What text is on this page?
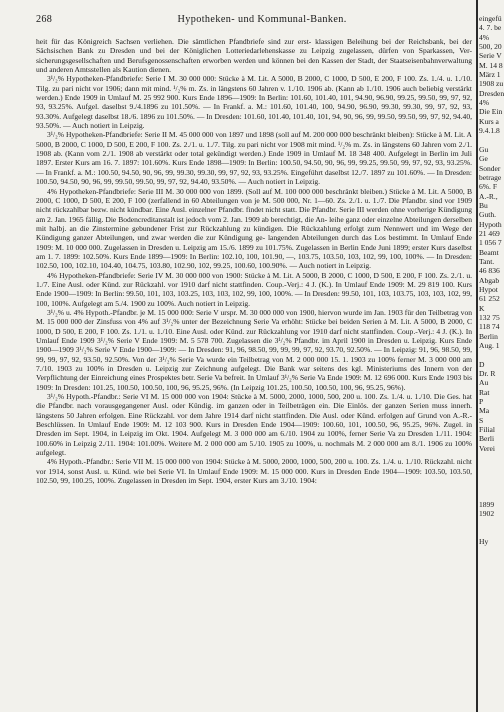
268	Hypotheken- und Kommunal-Banken.

heit für das Königreich Sachsen verliehen. Die sämtlichen Pfandbriefe sind zur erst- klassigen Beleihung bei der Reichsbank, bei der Sächsischen Bank zu Dresden und bei der Königlichen Lotteriedarlehenskasse zu Leipzig zugelassen, dürfen von Sparkassen, Ver- sicherungsgesellschaften und Berufsgenossenschaften erworben werden und können bei den Kassen der Stadt, der Staatseisenbahnverwaltung und anderen Amtsstellen als Kaution dienen.

3¹/₂% Hypotheken-Pfandbriefe: Serie I M. 30 000 000: Stücke à M. Lit. A 5000, B 2000, C 1000, D 500, E 200, F 100. Zs. 1./4. u. 1./10. Tilg. zu pari nicht vor 1906; dann mit mind. ¹/₂% m. Zs. in längstens 60 Jahren v. 1./10. 1906 ab. (Kann ab 1./10. 1906 auch beliebig verstärkt werden.) Ende 1909 in Umlauf M. 25 992 900. Kurs Ende 1896—1909: In Berlin: 101.60, 101.40, 101, 94.90, 96.90, 99.25, 99.50, 99, 97, 92, 93, 93.25%. Aufgel. daselbst 9./4.1896 zu 101.50%. — In Frankf. a. M.: 101.60, 101.40, 100, 94.90, 96.90, 99.30, 99.30, 99, 97, 92, 93, 93.30%. Aufgelegt daselbst 18./6. 1896 zu 101.50%. — In Dresden: 101.60, 101.40, 101.40, 101, 94, 90, 96, 99, 99.50, 99.50, 99, 97, 92, 94.40, 93.50%. — Auch notiert in Leipzig.

3¹/₂% Hypotheken-Pfandbriefe: Serie II M. 45 000 000 von 1897 und 1898 (soll auf M. 200 000 000 beschränkt bleiben): Stücke à M. Lit. A 5000, B 2000, C 1000, D 500, E 200, F 100. Zs. 2./1. u. 1./7. Tilg. zu pari nicht vor 1908 mit mind. ¹/₂% m. Zs. in längstens 60 Jahren vom 2./1. 1908 ab. (Kann vom 2./1. 1908 ab verstärkt oder total gekündigt werden.) Ende 1909 in Umlauf M. 18 348 400. Aufgelegt in Berlin im Juli 1897. Erster Kurs am 16. 7. 1897: 101.60%. Kurs Ende 1898—1909: In Berlin: 100.50, 94.50, 90, 96, 99, 99.25, 99.50, 99, 97, 92, 93, 93.25%. — In Frankf. a. M.: 100.50, 94.50, 90, 96, 99, 99.30, 99.30, 99, 97, 92, 93, 93.25%. Eingeführt daselbst 12./7. 1897 zu 101.60%. — In Dresden: 100.50, 94.50, 90, 96, 99, 99.50, 99.50, 99, 97, 92, 94.40, 93.50%. — Auch notiert in Leipzig.

4% Hypotheken-Pfandbriefe: Serie III M. 30 000 000 von 1899. (Soll auf M. 100 000 000 beschränkt bleiben.) Stücke à M. Lit. A 5000, B 2000, C 1000, D 500, E 200, F 100 (zerfallend in 60 Abteilungen von je M. 500 000, Nr. 1—60. Zs. 2./1. u. 1./7. Die Pfandbr. sind vor 1909 nicht rückzahlbar bezw. nicht kündbar. Eine Ausl. einzelner Pfandbr. findet nicht statt. Die Pfandbr. Serie III werden ohne vorherige Kündigung am 2. Jan. 1965 fällig. Die Bodencreditanstalt ist jedoch vom 2. Jan. 1909 ab berechtigt, die An- leihe ganz oder einzelne Abteilungen derselben mit halbj. an die Zinstermine gebundener Frist zur Rückzahlung zu kündigen. Die Rückzahlung erfolgt zum Nennwert und im Wege der Kündigung ganzer Abteilungen, und zwar werden die zur Kündigung ge- langenden Abteilungen durch das Los bestimmt. In Umlauf Ende 1909: M. 10 000 000. Zugelassen in Dresden u. Leipzig am 15./6. 1899 zu 101.75%. Zugelassen in Berlin Ende Juni 1899; erster Kurs daselbst am 1. 7. 1899: 102.50%. Kurs Ende 1899—1909: In Berlin: 102.10, 100, 101.90, —, 103.75, 103.50, 103, 102, 99, 100, 100%. — In Dresden: 102.50, 100, 102.10, 104.40, 104.75, 103.80, 102.90, 102, 99.25, 100.60, 100.90%. — Auch notiert in Leipzig.

4% Hypotheken-Pfandbriefe: Serie IV M. 30 000 000 von 1900: Stücke à M. Lit. A 5000, B 2000, C 1000, D 500, E 200, F 100. Zs. 2./1. u. 1./7. Eine Ausl. oder Künd. zur Rückzahl. vor 1910 darf nicht stattfinden. Coup.-Verj.: 4 J. (K.). In Umlauf Ende 1909: M. 29 819 100. Kurs Ende 1900—1909: In Berlin: 99.50, 101, 103, 103.25, 103, 103, 102, 99, 100, 100%. — In Dresden: 99.50, 101, 103, 103.75, 103, 103, 102, 99, 100, 100%. Aufgelegt am 5./4. 1900 zu 100%. Auch notiert in Leipzig.

3¹/₂% u. 4% Hypoth.-Pfandbr. je M. 15 000 000: Serie V urspr. M. 30 000 000 von 1900, hiervon wurde im Jan. 1903 für den Teilbetrag von M. 15 000 000 der Zinsfuss von 4% auf 3¹/₂% unter der Bezeichnung Serie Va erhöht: Stücke bei beiden Serien à M. Lit. A 5000, B 2000, C 1000, D 500, E 200, F 100. Zs. 1./1. u. 1./10. Eine Ausl. oder Künd. zur Rückzahlung vor 1910 darf nicht stattfinden. Coup.-Verj.: 4 J. (K.). In Umlauf Ende 1909 3¹/₂% Serie V Ende 1909: M. 5 578 700. Zugelassen die 3¹/₂% Pfandbr. im April 1900 in Dresden u. Leipzig. Kurs Ende 1900—1909 3¹/₂% Serie V Ende 1900—1909: — In Dresden: 91, 96, 98.50, 99, 99, 99, 97, 92, 93.70, 92.50%. — In Leipzig: 91, 96, 98.50, 99, 99, 99, 97, 92, 93.50, 92.50%. Von der 3¹/₂% Serie Va wurde ein Teilbetrag von M. 2 000 000 15. 1. 1903 zu 100% ferner M. 3 000 000 am 7./10. 1903 zu 100% in Dresden u. Leipzig zur Zeichnung aufgelegt. Die Bank war seitens des kgl. Ministeriums des Innern von der Verpflichtung der Einreichung eines Prospektes betr. Serie Va befreit. In Umlauf 3¹/₂% Serie Va Ende 1909: M. 12 696 000. Kurs Ende 1903 bis 1909: In Dresden: 101.25, 100.50, 100.50, 100, 96, 95.25, 96%. (In Leipzig 101.25, 100.50, 100.50, 100, 96, 95.25, 96%).

3¹/₂% Hypoth.-Pfandbr.: Serie VI M. 15 000 000 von 1904: Stücke à M. 5000, 2000, 1000, 500, 200 u. 100. Zs. 1./4. u. 1./10. Die Ges. hat die Pfandbr. nach vorausgegangener Ausl. oder Kündig. im ganzen oder in Teilbeträgen ein. Die Einlös. der ganzen Serien muss innerh. längstens 50 Jahren erfolgen. Eine Rückzahl. vor dem Jahre 1914 darf nicht stattfinden. Die Ausl. oder Künd. erfolgen auf Grund von A.-R.-Beschlüssen. In Umlauf Ende 1909: M. 12 103 900. Kurs in Dresden Ende 1904—1909: 100.60, 101, 100.50, 96, 95.25, 96%. Zugel. in Dresden im Sept. 1904, in Leipzig im Okt. 1904. Aufgelegt M. 3 000 000 am 6./10. 1904 zu 100%, ferner Serie Va zu Dresden 1./11. 1904: 100.60% in Leipzig 2./11. 1904: 101.00%. Weitere M. 2 000 000 am 5./10. 1905 zu 100%, u. nochmals M. 2 000 000 am 8./1. 1906 zu 100% aufgelegt.

4% Hypoth.-Pfandbr.: Serie VII M. 15 000 000 von 1904: Stücke à M. 5000, 2000, 1000, 500, 200 u. 100. Zs. 1./4. u. 1./10. Rückzahl. nicht vor 1914, sonst Ausl. u. Künd. wie bei Serie VI. In Umlauf Ende 1909: M. 15 000 000. Kurs in Dresden Ende 1904—1909: 103.50, 103.50, 102.50, 99, 100.25, 100%. Zugelassen in Dresden im Sept. 1904, erster Kurs am 3./10. 1904:

eingefü
4. 7. be
4%
500, 20
Serie V
M. 14 8
März 1
1908 zu
Dresden
4%
Die Ein
Kurs a
9.4.1.8
Gu
Ge
Sonder
betrage
6%. F
A.-R.,
Bu
Guth.
Hypoth
21 469
1 056 7
Beamt
Tant.
46 836
Abgab
Hypot
61 252
K
132 75
118 74
Berlin
Aug. 1
D
Dr. R
Au
Rat
P
Ma
S
Filial
Berli
Verei
1899
1902
Hy
